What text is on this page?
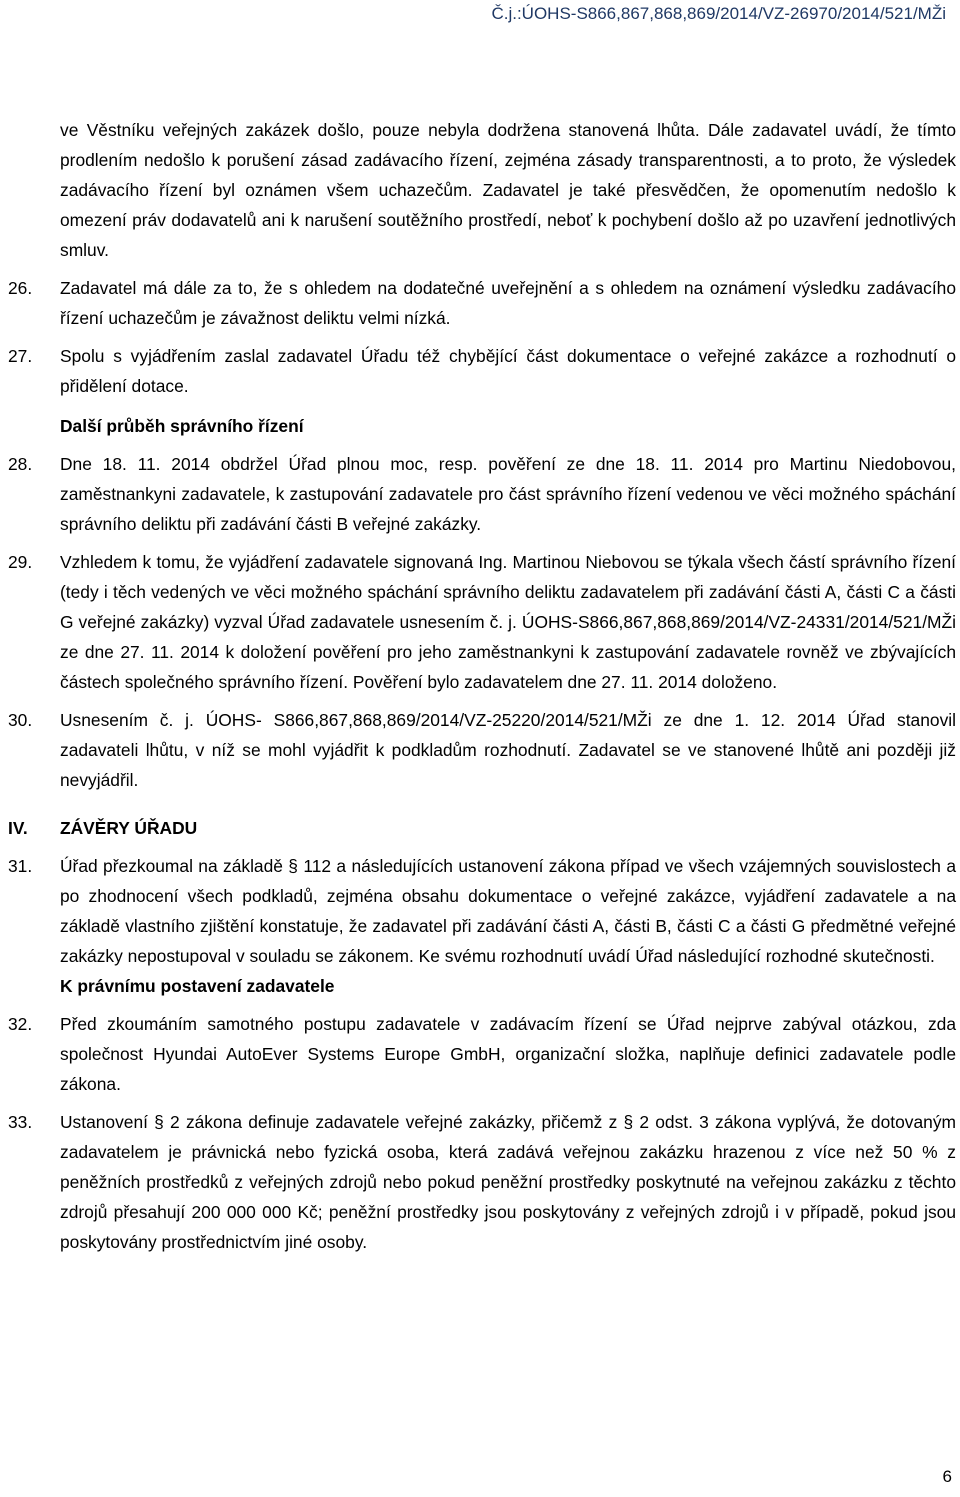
Č.j.:ÚOHS-S866,867,868,869/2014/VZ-26970/2014/521/MŽi
ve Věstníku veřejných zakázek došlo, pouze nebyla dodržena stanovená lhůta. Dále zadavatel uvádí, že tímto prodlením nedošlo k porušení zásad zadávacího řízení, zejména zásady transparentnosti, a to proto, že výsledek zadávacího řízení byl oznámen všem uchazečům. Zadavatel je také přesvědčen, že opomenutím nedošlo k omezení práv dodavatelů ani k narušení soutěžního prostředí, neboť k pochybení došlo až po uzavření jednotlivých smluv.
26. Zadavatel má dále za to, že s ohledem na dodatečné uveřejnění a s ohledem na oznámení výsledku zadávacího řízení uchazečům je závažnost deliktu velmi nízká.
27. Spolu s vyjádřením zaslal zadavatel Úřadu též chybějící část dokumentace o veřejné zakázce a rozhodnutí o přidělení dotace.
Další průběh správního řízení
28. Dne 18. 11. 2014 obdržel Úřad plnou moc, resp. pověření ze dne 18. 11. 2014 pro Martinu Niedobovou, zaměstnankyni zadavatele, k zastupování zadavatele pro část správního řízení vedenou ve věci možného spáchání správního deliktu při zadávání části B veřejné zakázky.
29. Vzhledem k tomu, že vyjádření zadavatele signovaná Ing. Martinou Niebovou se týkala všech částí správního řízení (tedy i těch vedených ve věci možného spáchání správního deliktu zadavatelem při zadávání části A, části C a části G veřejné zakázky) vyzval Úřad zadavatele usnesením č. j. ÚOHS-S866,867,868,869/2014/VZ-24331/2014/521/MŽi ze dne 27. 11. 2014 k doložení pověření pro jeho zaměstnankyni k zastupování zadavatele rovněž ve zbývajících částech společného správního řízení. Pověření bylo zadavatelem dne 27. 11. 2014 doloženo.
30. Usnesením č. j. ÚOHS- S866,867,868,869/2014/VZ-25220/2014/521/MŽi ze dne 1. 12. 2014 Úřad stanovil zadavateli lhůtu, v níž se mohl vyjádřit k podkladům rozhodnutí. Zadavatel se ve stanovené lhůtě ani později již nevyjádřil.
IV. ZÁVĚRY ÚŘADU
31. Úřad přezkoumal na základě § 112 a následujících ustanovení zákona případ ve všech vzájemných souvislostech a po zhodnocení všech podkladů, zejména obsahu dokumentace o veřejné zakázce, vyjádření zadavatele a na základě vlastního zjištění konstatuje, že zadavatel při zadávání části A, části B, části C a části G předmětné veřejné zakázky nepostupoval v souladu se zákonem. Ke svému rozhodnutí uvádí Úřad následující rozhodné skutečnosti.
K právnímu postavení zadavatele
32. Před zkoumáním samotného postupu zadavatele v zadávacím řízení se Úřad nejprve zabýval otázkou, zda společnost Hyundai AutoEver Systems Europe GmbH, organizační složka, naplňuje definici zadavatele podle zákona.
33. Ustanovení § 2 zákona definuje zadavatele veřejné zakázky, přičemž z § 2 odst. 3 zákona vyplývá, že dotovaným zadavatelem je právnická nebo fyzická osoba, která zadává veřejnou zakázku hrazenou z více než 50 % z peněžních prostředků z veřejných zdrojů nebo pokud peněžní prostředky poskytnuté na veřejnou zakázku z těchto zdrojů přesahují 200 000 000 Kč; peněžní prostředky jsou poskytovány z veřejných zdrojů i v případě, pokud jsou poskytovány prostřednictvím jiné osoby.
6
